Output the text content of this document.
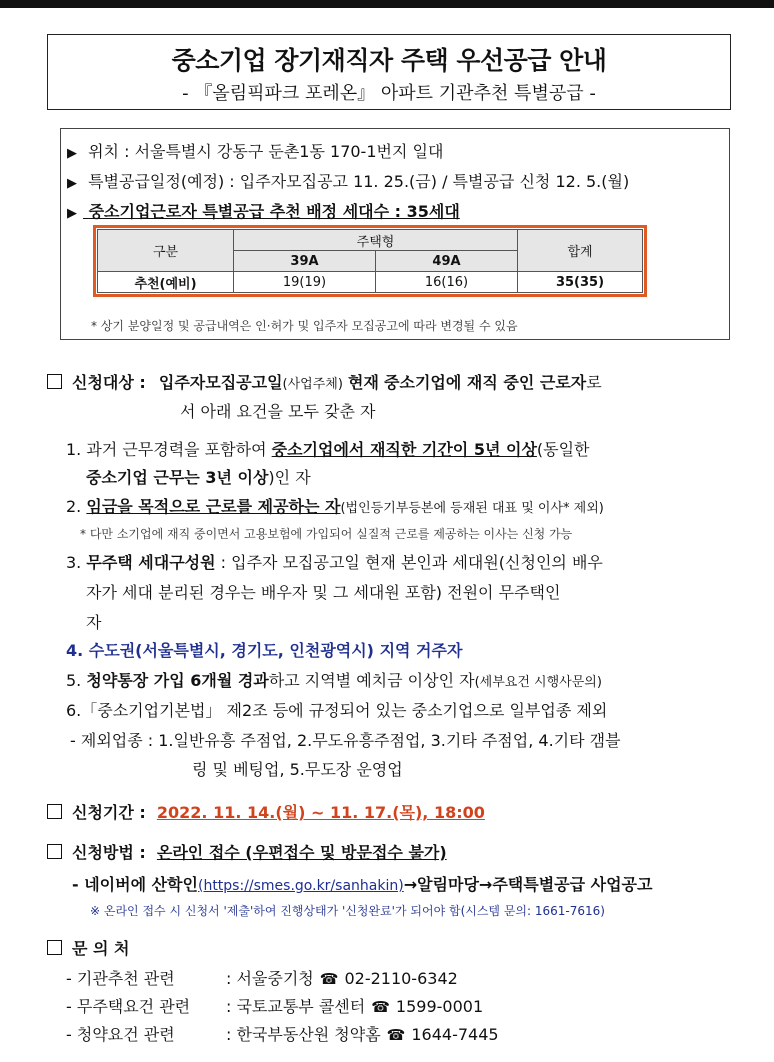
중소기업 장기재직자 주택 우선공급 안내
- 『올림픽파크 포레온』 아파트 기관추천 특별공급 -
▶ 위치 : 서울특별시 강동구 둔촌1동 170-1번지 일대
▶ 특별공급일정(예정) : 입주자모집공고 11. 25.(금) / 특별공급 신청 12. 5.(월)
▶ 중소기업근로자 특별공급 추천 배정 세대수 : 35세대
구분	주택형		합계
	39A	49A	
추천(예비)	19(19)	16(16)	35(35)
* 상기 분양일정 및 공급내역은 인·허가 및 입주자 모집공고에 따라 변경될 수 있음
신청대상 : 입주자모집공고일(사업주체) 현재 중소기업에 재직 중인 근로자로
서 아래 요건을 모두 갖춘 자
1. 과거 근무경력을 포함하여 중소기업에서 재직한 기간이 5년 이상(동일한
중소기업 근무는 3년 이상)인 자
2. 임금을 목적으로 근로를 제공하는 자(법인등기부등본에 등재된 대표 및 이사* 제외)
* 다만 소기업에 재직 중이면서 고용보험에 가입되어 실질적 근로를 제공하는 이사는 신청 가능
3. 무주택 세대구성원 : 입주자 모집공고일 현재 본인과 세대원(신청인의 배우
자가 세대 분리된 경우는 배우자 및 그 세대원 포함) 전원이 무주택인
자
4. 수도권(서울특별시, 경기도, 인천광역시) 지역 거주자
5. 청약통장 가입 6개월 경과하고 지역별 예치금 이상인 자(세부요건 시행사문의)
6.「중소기업기본법」 제2조 등에 규정되어 있는 중소기업으로 일부업종 제외
- 제외업종 : 1.일반유흥 주점업, 2.무도유흥주점업, 3.기타 주점업, 4.기타 갬블
링 및 베팅업, 5.무도장 운영업
신청기간 : 2022. 11. 14.(월) ~ 11. 17.(목), 18:00
신청방법 : 온라인 접수 (우편접수 및 방문접수 불가)
- 네이버에 산학인(https://smes.go.kr/sanhakin)→알림마당→주택특별공급 사업공고
※ 온라인 접수 시 신청서 '제출'하여 진행상태가 '신청완료'가 되어야 함(시스템 문의: 1661-7616)
문 의 처
- 기관추천 관련	: 서울중기청 ☎ 02-2110-6342
- 무주택요건 관련 : 국토교통부 콜센터 ☎ 1599-0001
- 청약요건 관련	: 한국부동산원 청약홈 ☎ 1644-7445
